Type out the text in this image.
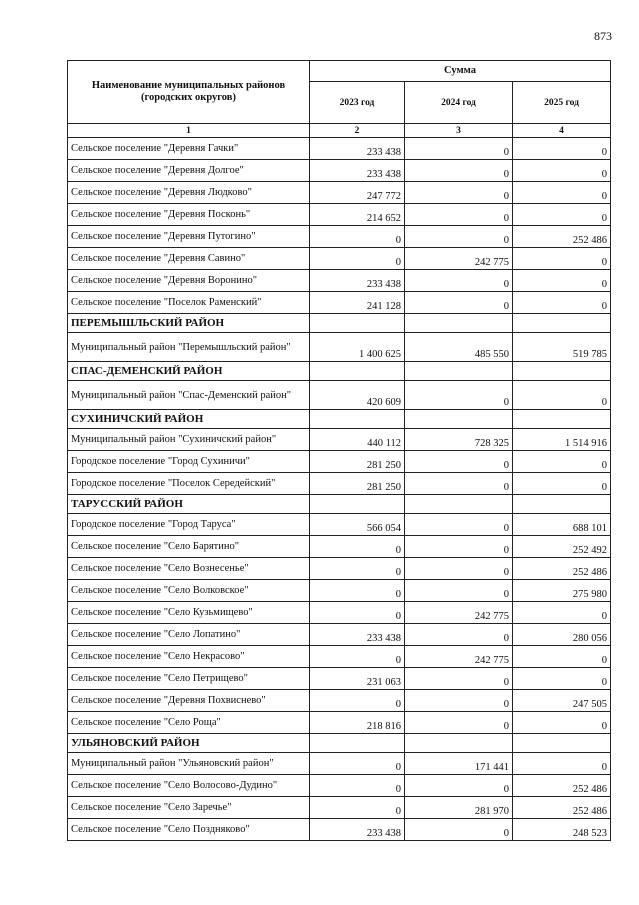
873
Наименование муниципальных районов (городских округов)	Сумма		
	2023 год	2024 год	2025 год
1	2	3	4
Сельское поселение "Деревня Гачки"	233 438	0	0
Сельское поселение "Деревня Долгое"	233 438	0	0
Сельское поселение "Деревня Людково"	247 772	0	0
Сельское поселение "Деревня Посконь"	214 652	0	0
Сельское поселение "Деревня Путогино"	0	0	252 486
Сельское поселение "Деревня Савино"	0	242 775	0
Сельское поселение "Деревня Воронино"	233 438	0	0
Сельское поселение "Поселок Раменский"	241 128	0	0
ПЕРЕМЫШЛЬСКИЙ РАЙОН			
Муниципальный район "Перемышльский район"	1 400 625	485 550	519 785
СПАС-ДЕМЕНСКИЙ РАЙОН			
Муниципальный район "Спас-Деменский район"	420 609	0	0
СУХИНИЧСКИЙ РАЙОН			
Муниципальный район "Сухиничский район"	440 112	728 325	1 514 916
Городское поселение "Город Сухиничи"	281 250	0	0
Городское поселение "Поселок Середейский"	281 250	0	0
ТАРУССКИЙ РАЙОН			
Городское поселение "Город Таруса"	566 054	0	688 101
Сельское поселение "Село Барятино"	0	0	252 492
Сельское поселение "Село Вознесенье"	0	0	252 486
Сельское поселение "Село Волковское"	0	0	275 980
Сельское поселение "Село Кузьмищево"	0	242 775	0
Сельское поселение "Село Лопатино"	233 438	0	280 056
Сельское поселение "Село Некрасово"	0	242 775	0
Сельское поселение "Село Петрищево"	231 063	0	0
Сельское поселение "Деревня Похвиснево"	0	0	247 505
Сельское поселение "Село Роща"	218 816	0	0
УЛЬЯНОВСКИЙ РАЙОН			
Муниципальный район "Ульяновский район"	0	171 441	0
Сельское поселение "Село Волосово-Дудино"	0	0	252 486
Сельское поселение "Село Заречье"	0	281 970	252 486
Сельское поселение "Село Поздняково"	233 438	0	248 523
